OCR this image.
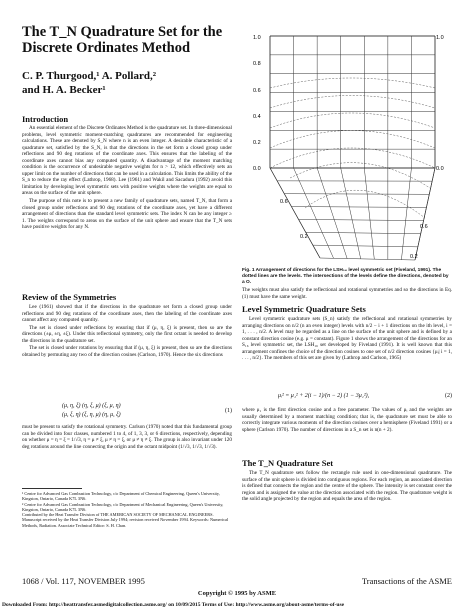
The T_N Quadrature Set for the Discrete Ordinates Method
C. P. Thurgood,¹ A. Pollard,²
and H. A. Becker¹
Introduction

An essential element of the Discrete Ordinates Method is the quadrature set. In three-dimensional problems, level symmetric moment-matching quadratures are recommended for engineering calculations. These are denoted by S_N where n is an even integer. A desirable characteristic of a quadrature set, satisfied by the S_N, is that the directions in the set form a closed group under reflections and 90 deg rotations of the coordinate axes. This ensures that the labeling of the coordinate axes cannot bias any computed quantity. A disadvantage of the moment matching condition is the occurrence of undesirable negative weights for n > 12, which effectively sets an upper limit on the number of directions that can be used in a calculation. This limits the ability of the S_n to reduce the ray effect (Lathrop, 1968). Lee (1961) and Wakil and Sacadura (1992) avoid this limitation by developing level symmetric sets with positive weights where the weights are equal to areas on the surface of the unit sphere.

The purpose of this note is to present a new family of quadrature sets, named T_N, that form a closed group under reflections and 90 deg rotations of the coordinate axes, yet have a different arrangement of directions than the standard level symmetric sets. The index N can be any integer ≥ 1. The weights correspond to areas on the surface of the unit sphere and ensure that the T_N sets have positive weights for any N.

Review of the Symmetries

Lee (1961) showed that if the directions in the quadrature set form a closed group under reflections and 90 deg rotations of the coordinate axes, then the labeling of the coordinate axes cannot affect any computed quantity.

The set is closed under reflections by ensuring that if (μ, η, ξ) is present, then so are the directions (±μ, ±η, ±ξ). Under this reflectional symmetry, only the first octant is needed to develop the directions in the quadrature set.

The set is closed under rotations by ensuring that if (μ, η, ξ) is present, then so are the directions obtained by permuting any two of the direction cosines (Carlson, 1970). Hence the six directions

(μ, η, ξ) (η, ξ, μ) (ξ, μ, η)
(μ, ξ, η) (ξ, η, μ) (η, μ, ξ)
(1)

must be present to satisfy the rotational symmetry. Carlson (1970) noted that this fundamental group can be divided into four classes, numbered 1 to 4, of 1, 3, 3, or 6 directions, respectively, depending on whether μ = η = ξ = 1/√3, η = μ ≠ ξ, μ ≠ η = ξ, or μ ≠ η ≠ ξ. The group is also invariant under 120 deg rotations around the line connecting the origin and the octant midpoint (1/√3, 1/√3, 1/√3).

¹ Centre for Advanced Gas Combustion Technology, c/o Department of Chemical Engineering, Queen's University, Kingston, Ontario, Canada K7L 3N6.
² Centre for Advanced Gas Combustion Technology, c/o Department of Mechanical Engineering, Queen's University, Kingston, Ontario, Canada K7L 3N6.
Contributed by the Heat Transfer Division of THE AMERICAN SOCIETY OF MECHANICAL ENGINEERS. Manuscript received by the Heat Transfer Division July 1994; revision received November 1994. Keywords: Numerical Methods, Radiation. Associate Technical Editor: S. H. Chan.
1.0
0.8
0.6
0.4
0.2
0.0
1.0
0.0
0.6
0.2
0.6
0.2
Fig. 1 Arrangement of directions for the LSH₁₆ level symmetric set (Fiveland, 1991). The dotted lines are the levels. The intersections of the levels define the directions, denoted by a O.

The weights must also satisfy the reflectional and rotational symmetries and so the directions in Eq. (1) must have the same weight.

Level Symmetric Quadrature Sets

Level symmetric quadrature sets (S_n) satisfy the reflectional and rotational symmetries by arranging directions on n/2 (n an even integer) levels with n/2 − i + 1 directions on the ith level, i = 1, . . . , n/2. A level may be regarded as a line on the surface of the unit sphere and is defined by a constant direction cosine (e.g. μ = constant). Figure 1 shows the arrangement of the directions for an S₁₆ level symmetric set, the LSH₁₆ set developed by Fiveland (1991). It is well known that this arrangement confines the choice of the direction cosines to one set of n/2 direction cosines {μᵢ| i = 1, . . . , n/2}. The members of this set are given by (Lathrop and Carlson, 1965)

μᵢ² = μ₁² + 2(i − 1)/(n − 2) (1 − 3μ₁²),	(2)

where μ₁ is the first direction cosine and a free parameter. The values of μᵢ and the weights are usually determined by a moment matching condition; that is, the quadrature set must be able to correctly integrate various moments of the direction cosines over a hemisphere (Fiveland 1991) or a sphere (Carlson 1970). The number of directions in a S_n set is n(n + 2).

The T_N Quadrature Set

The T_N quadrature sets follow the rectangle rule used in one-dimensional quadrature. The surface of the unit sphere is divided into contiguous regions. For each region, an associated direction is defined that connects the region and the centre of the sphere. The intensity is set constant over the region and is assigned the value at the direction associated with the region. The quadrature weight is the solid angle projected by the region and equals the area of the region.

1068 / Vol. 117, NOVEMBER 1995	Transactions of the ASME
Copyright © 1995 by ASME
Downloaded From: http://heattransfer.asmedigitalcollection.asme.org/ on 10/09/2015 Terms of Use: http://www.asme.org/about-asme/terms-of-use
